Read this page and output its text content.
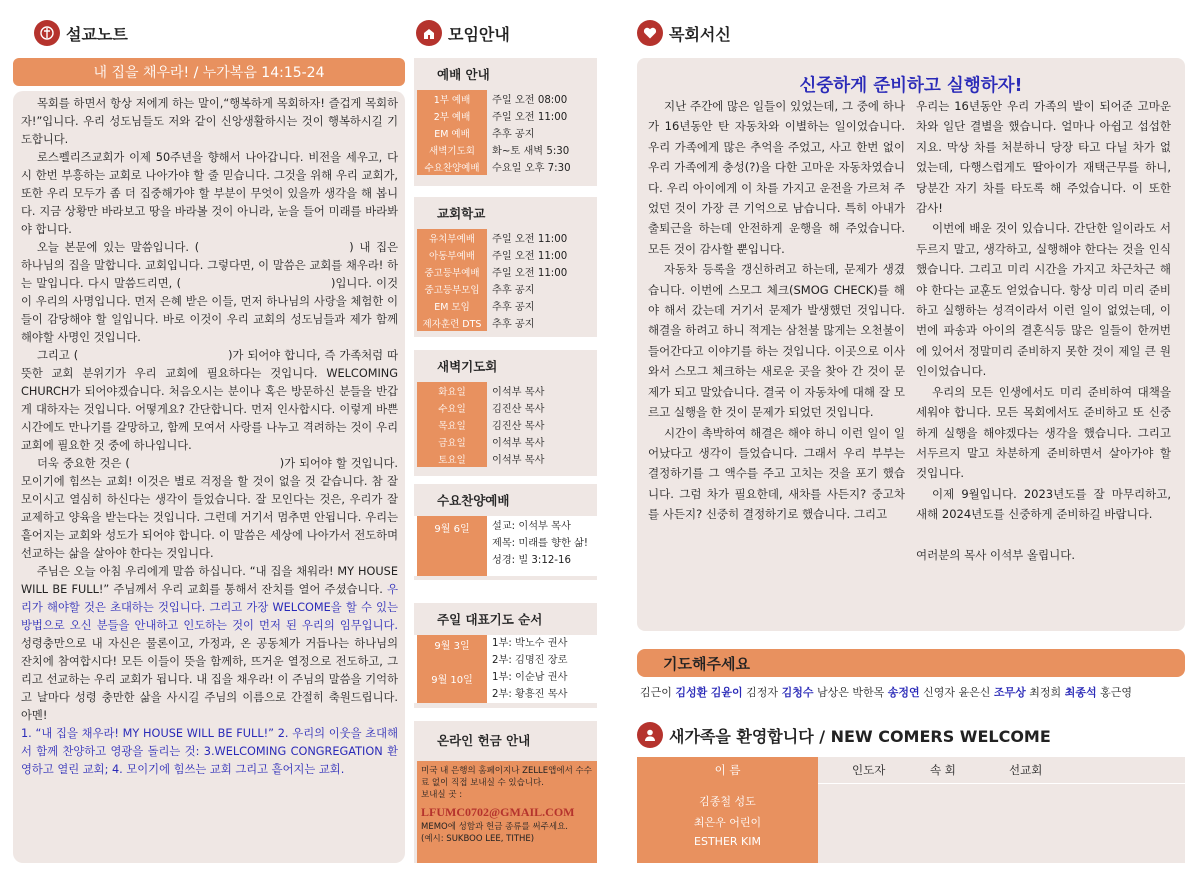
설교노트
내 집을 채우라! / 누가복음 14:15-24

목회를 하면서 항상 저에게 하는 말이,“행복하게 목회하자! 즐겁게 목회하자!”입니다. 우리 성도님들도 저와 같이 신앙생활하시는 것이 행복하시길 기도합니다.

로스펠리즈교회가 이제 50주년을 향해서 나아갑니다. 비전을 세우고, 다시 한번 부흥하는 교회로 나아가야 할 줄 믿습니다. 그것을 위해 우리 교회가, 또한 우리 모두가 좀 더 집중해가야 할 부분이 무엇이 있을까 생각을 해 봅니다. 지금 상황만 바라보고 땅을 바라볼 것이 아니라, 눈을 들어 미래를 바라봐야 합니다.

오늘 본문에 있는 말씀입니다. (	) 내 집은 하나님의 집을 말합니다. 교회입니다. 그렇다면, 이 말씀은 교회를 채우라! 하는 말입니다. 다시 말씀드리면, (	)입니다. 이것이 우리의 사명입니다. 먼저 은혜 받은 이들, 먼저 하나님의 사랑을 체험한 이들이 감당해야 할 일입니다. 바로 이것이 우리 교회의 성도님들과 제가 함께 해야할 사명인 것입니다.

그리고 (	)가 되어야 합니다, 즉 가족처럼 따뜻한 교회 분위기가 우리 교회에 필요하다는 것입니다. WELCOMING CHURCH가 되어야겠습니다. 처음오시는 분이나 혹은 방문하신 분들을 반갑게 대하자는 것입니다. 어떻게요? 간단합니다. 먼저 인사합시다. 이렇게 바쁜 시간에도 만나기를 갈망하고, 함께 모여서 사랑를 나누고 격려하는 것이 우리 교회에 필요한 것 중에 하나입니다.

더욱 중요한 것은 (	)가 되어야 할 것입니다. 모이기에 힘쓰는 교회! 이것은 별로 걱정을 할 것이 없을 것 같습니다. 참 잘 모이시고 열심히 하신다는 생각이 들었습니다. 잘 모인다는 것은, 우리가 잘 교제하고 양육을 받는다는 것입니다. 그런데 거기서 멈추면 안됩니다. 우리는 흩어지는 교회와 성도가 되어야 합니다. 이 말씀은 세상에 나아가서 전도하며 선교하는 삶을 살아야 한다는 것입니다.

주님은 오늘 아침 우리에게 말씀 하십니다. “내 집을 채워라! MY HOUSE WILL BE FULL!” 주님께서 우리 교회를 통해서 잔치를 열어 주셨습니다. 우리가 해야할 것은 초대하는 것입니다. 그리고 가장 WELCOME을 할 수 있는 방법으로 오신 분들을 안내하고 인도하는 것이 먼저 된 우리의 임무입니다. 성령충만으로 내 자신은 물론이고, 가정과, 온 공동체가 거듭나는 하나님의 잔치에 참여합시다! 모든 이들이 뜻을 함께하, 뜨거운 열정으로 전도하고, 그리고 선교하는 우리 교회가 됩니다. 내 집을 채우라! 이 주님의 말씀을 기억하고 날마다 성령 충만한 삶을 사시길 주님의 이름으로 간절히 축원드립니다. 아멘!

1. “내 집을 채우라! MY HOUSE WILL BE FULL!” 2. 우리의 이웃을 초대해서 함께 찬양하고 영광을 돌리는 것: 3.WELCOMING CONGREGATION 환영하고 열린 교회; 4. 모이기에 힘쓰는 교회 그리고 흩어지는 교회.

모임안내
예배 안내
1부 예배	주일 오전 08:00
2부 예배	주일 오전 11:00
EM 예배	추후 공지
새벽기도회	화~토 새벽 5:30
수요찬양예배	수요일 오후 7:30
교회학교
유치부예배	주일 오전 11:00
아동부예배	주일 오전 11:00
중고등부예배	주일 오전 11:00
중고등부모임	추후 공지
EM 모임	추후 공지
제자훈련 DTS	추후 공지
새벽기도회
화요일	이석부 목사
수요일	김진산 목사
목요일	김진산 목사
금요일	이석부 목사
토요일	이석부 목사
수요찬양예배
9월 6일	설교: 이석부 목사
제목: 미래를 향한 삶!
성경: 빌 3:12-16
주일 대표기도 순서
9월 3일	1부: 박노수 권사
2부: 김명진 장로
9월 10일	1부: 이순남 권사
2부: 황흥진 목사
온라인 헌금 안내
미국 내 은행의 홈페이지나 ZELLE앱에서 수수료 없이 직접 보내실 수 있습니다.
보내실 곳 :
LFUMC0702@GMAIL.COM
MEMO에 성함과 헌금 종류를 써주세요.
(예시: SUKBOO LEE, TITHE)
목회서신
신중하게 준비하고 실행하자!

지난 주간에 많은 일들이 있었는데, 그 중에 하나가 16년동안 탄 자동차와 이별하는 일이었습니다. 우리 가족에게 많은 추억을 주었고, 사고 한번 없이 우리 가족에게 충성(?)을 다한 고마운 자동차였습니다. 우리 아이에게 이 차를 가지고 운전을 가르쳐 주었던 것이 가장 큰 기억으로 남습니다. 특히 아내가 출퇴근을 하는데 안전하게 운행을 해 주었습니다. 모든 것이 감사할 뿐입니다.

자동차 등록을 갱신하려고 하는데, 문제가 생겼습니다. 이번에 스모그 체크(SMOG CHECK)를 해야 해서 갔는데 거기서 문제가 발생했던 것입니다. 해결을 하려고 하니 적게는 삼천불 많게는 오천불이 들어간다고 이야기를 하는 것입니다. 이곳으로 이사와서 스모그 체크하는 새로운 곳을 찾아 간 것이 문제가 되고 말았습니다. 결국 이 자동차에 대해 잘 모르고 실행을 한 것이 문제가 되었던 것입니다.

시간이 촉박하여 해결은 해야 하니 이런 일이 일어났다고 생각이 들었습니다. 그래서 우리 부부는 결정하기를 그 액수를 주고 고치는 것을 포기 했습니다. 그럼 차가 필요한데, 새차를 사든지? 중고차를 사든지? 신중히 결정하기로 했습니다. 그리고

우리는 16년동안 우리 가족의 발이 되어준 고마운 차와 일단 결별을 했습니다. 얼마나 아쉽고 섭섭한지요. 막상 차를 처분하니 당장 타고 다닐 차가 없었는데, 다행스럽게도 딸아이가 재택근무를 하니, 당분간 자기 차를 타도록 해 주었습니다. 이 또한 감사!

이번에 배운 것이 있습니다. 간단한 일이라도 서두르지 말고, 생각하고, 실행해야 한다는 것을 인식했습니다. 그리고 미리 시간을 가지고 차근차근 해야 한다는 교훈도 얻었습니다. 항상 미리 미리 준비하고 실행하는 성격이라서 이런 일이 없었는데, 이번에 파송과 아이의 결혼식등 많은 일들이 한꺼번에 있어서 정말미리 준비하지 못한 것이 제일 큰 원인이었습니다.

우리의 모든 인생에서도 미리 준비하여 대책을 세워야 합니다. 모든 목회에서도 준비하고 또 신중하게 실행을 해야겠다는 생각을 했습니다. 그리고 서두르지 말고 차분하게 준비하면서 살아가야 할 것입니다.

이제 9월입니다. 2023년도를 잘 마무리하고, 새해 2024년도를 신중하게 준비하길 바랍니다.

여러분의 목사 이석부 올립니다.

기도해주세요
김근이 김성환 김윤이 김정자 김청수 남상은 박한목 송정연 신영자 윤은신 조무상 최정희 최종석 홍근영
새가족을 환영합니다 / NEW COMERS WELCOME
이 름	인도자	속 회	선교회
김종철 성도
최은우 어린이
ESTHER KIM
